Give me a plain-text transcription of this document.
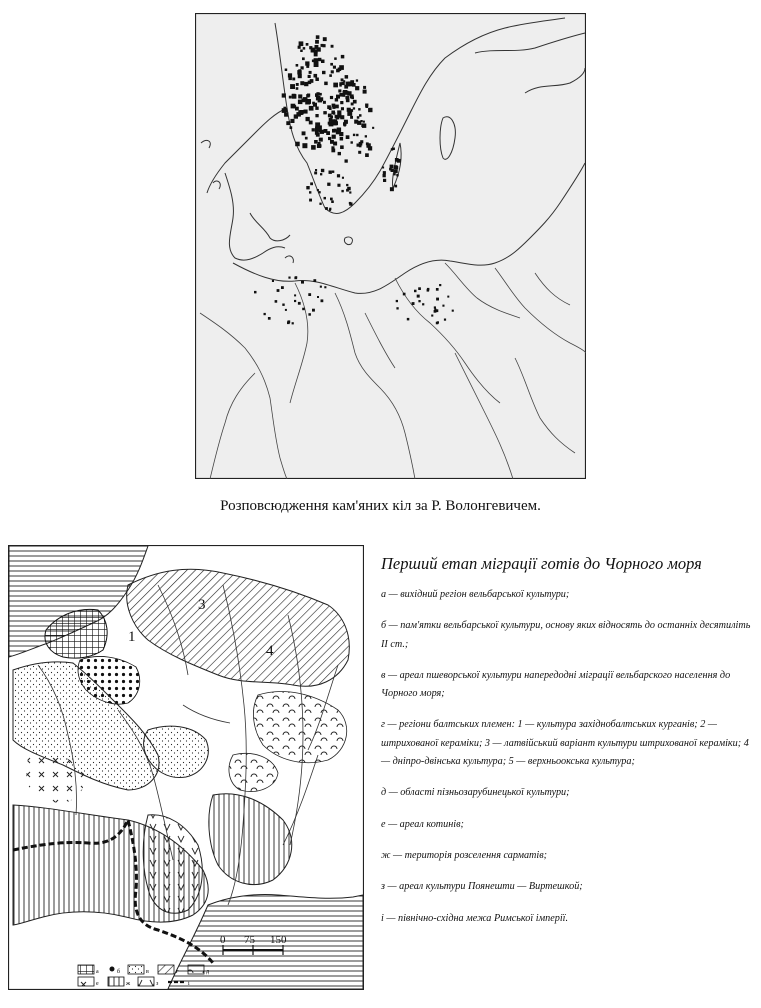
Розповсюдження кам'яних кіл за Р. Волонгевичем.
1
3
4
0 75 150
а	б	в	г	д
е	ж	з	і
Перший етап міграції готів до Чорного моря
а — вихідний регіон вельбарської культури;
б — пам'ятки вельбарської культури, основу яких відносять до останніх десятиліть II ст.;
в — ареал пшеворської культури напередодні міграції вельбарского населення до Чорного моря;
г — регіони балтських племен: 1 — культура західнобалтських курганів; 2 — штрихованої кераміки; 3 — латвійський варіант культури штрихованої кераміки; 4 — дніпро-двінська культура; 5 — верхньоокська культура;
д — області пізньозарубинецької культури;
е — ареал котинів;
ж — територія розселення сарматів;
з — ареал культури Поянешти — Виртешкой;
і — північно-східна межа Римської імперії.
